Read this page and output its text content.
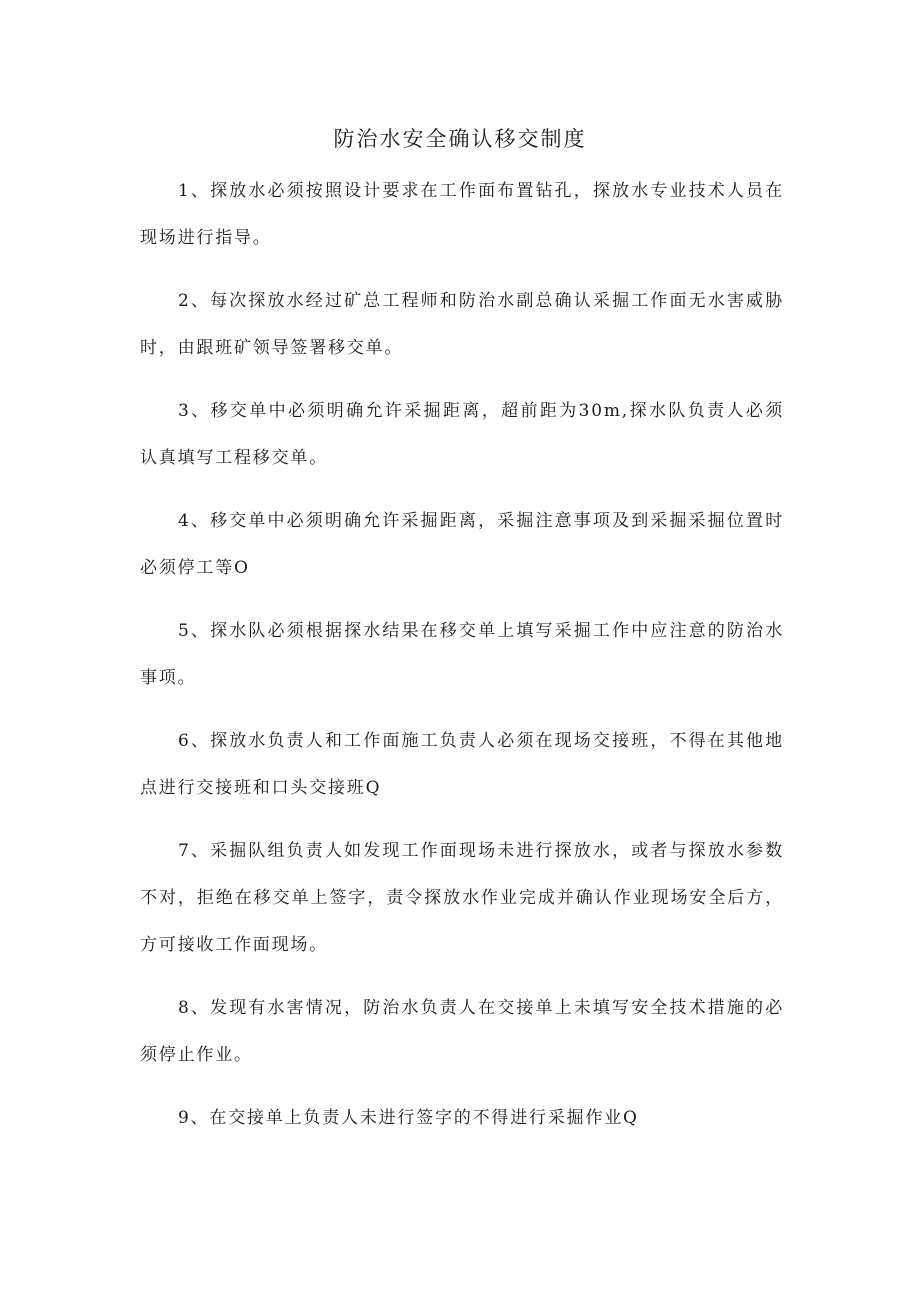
防治水安全确认移交制度

1、探放水必须按照设计要求在工作面布置钻孔，探放水专业技术人员在现场进行指导。

2、每次探放水经过矿总工程师和防治水副总确认采掘工作面无水害威胁时，由跟班矿领导签署移交单。

3、移交单中必须明确允许采掘距离，超前距为30m,探水队负责人必须认真填写工程移交单。

4、移交单中必须明确允许采掘距离，采掘注意事项及到采掘采掘位置时必须停工等O

5、探水队必须根据探水结果在移交单上填写采掘工作中应注意的防治水事项。

6、探放水负责人和工作面施工负责人必须在现场交接班，不得在其他地点进行交接班和口头交接班Q

7、采掘队组负责人如发现工作面现场未进行探放水，或者与探放水参数不对，拒绝在移交单上签字，责令探放水作业完成并确认作业现场安全后方，方可接收工作面现场。

8、发现有水害情况，防治水负责人在交接单上未填写安全技术措施的必须停止作业。

9、在交接单上负责人未进行签字的不得进行采掘作业Q
